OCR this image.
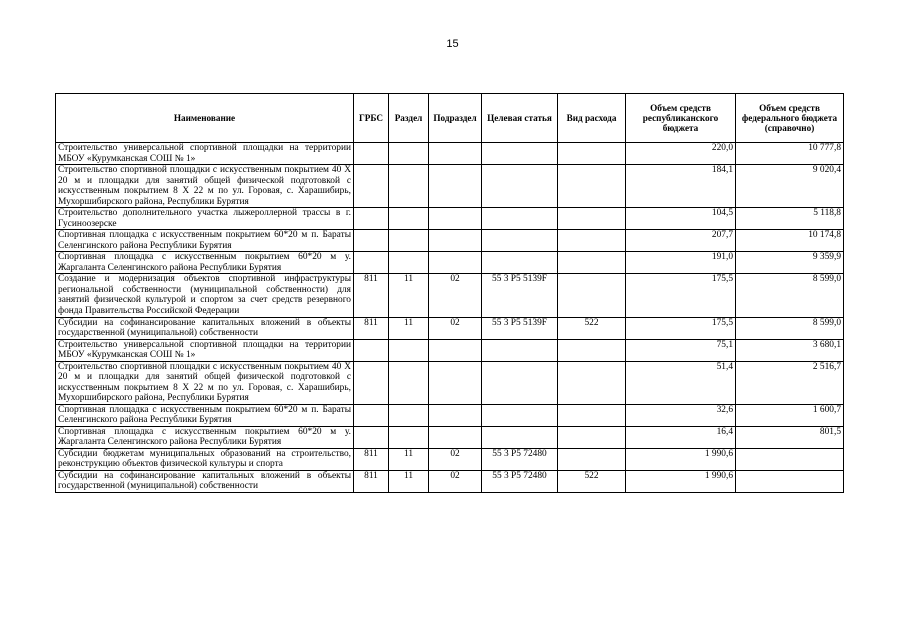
15
Наименование	ГРБС	Раздел	Подраздел	Целевая статья	Вид расхода	Объем средств республиканского бюджета	Объем средств федерального бюджета (справочно)
Строительство универсальной спортивной площадки на территории МБОУ «Курумканская СОШ № 1»						220,0	10 777,8
Строительство спортивной площадки с искусственным покрытием 40 Х 20 м и площадки для занятий общей физической подготовкой с искусственным покрытием 8 Х 22 м по ул. Горовая, с. Харашибирь, Мухоршибирского района, Республики Бурятия						184,1	9 020,4
Строительство дополнительного участка лыжероллерной трассы в г. Гусиноозерске						104,5	5 118,8
Спортивная площадка с искусственным покрытием 60*20 м п. Бараты Селенгинского района Республики Бурятия						207,7	10 174,8
Спортивная площадка с искусственным покрытием 60*20 м у. Жаргаланта Селенгинского района Республики Бурятия						191,0	9 359,9
Создание и модернизация объектов спортивной инфраструктуры региональной собственности (муниципальной собственности) для занятий физической культурой и спортом за счет средств резервного фонда Правительства Российской Федерации	811	11	02	55 3 Р5 5139F		175,5	8 599,0
Субсидии на софинансирование капитальных вложений в объекты государственной (муниципальной) собственности	811	11	02	55 3 Р5 5139F	522	175,5	8 599,0
Строительство универсальной спортивной площадки на территории МБОУ «Курумканская СОШ № 1»						75,1	3 680,1
Строительство спортивной площадки с искусственным покрытием 40 Х 20 м и площадки для занятий общей физической подготовкой с искусственным покрытием 8 Х 22 м по ул. Горовая, с. Харашибирь, Мухоршибирского района, Республики Бурятия						51,4	2 516,7
Спортивная площадка с искусственным покрытием 60*20 м п. Бараты Селенгинского района Республики Бурятия						32,6	1 600,7
Спортивная площадка с искусственным покрытием 60*20 м у. Жаргаланта Селенгинского района Республики Бурятия						16,4	801,5
Субсидии бюджетам муниципальных образований на строительство, реконструкцию объектов физической культуры и спорта	811	11	02	55 3 Р5 72480		1 990,6	
Субсидии на софинансирование капитальных вложений в объекты государственной (муниципальной) собственности	811	11	02	55 3 Р5 72480	522	1 990,6	
